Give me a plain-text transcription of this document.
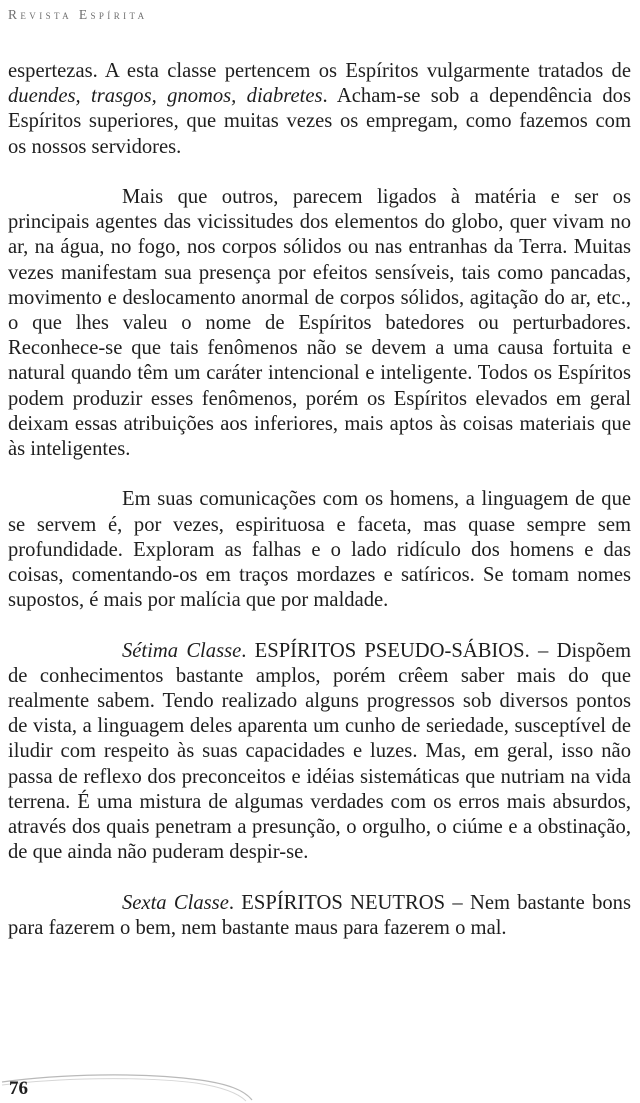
Revista Espírita

espertezas. A esta classe pertencem os Espíritos vulgarmente tratados de duendes, trasgos, gnomos, diabretes. Acham-se sob a dependência dos Espíritos superiores, que muitas vezes os empregam, como fazemos com os nossos servidores.

Mais que outros, parecem ligados à matéria e ser os principais agentes das vicissitudes dos elementos do globo, quer vivam no ar, na água, no fogo, nos corpos sólidos ou nas entranhas da Terra. Muitas vezes manifestam sua presença por efeitos sensíveis, tais como pancadas, movimento e deslocamento anormal de corpos sólidos, agitação do ar, etc., o que lhes valeu o nome de Espíritos batedores ou perturbadores. Reconhece-se que tais fenômenos não se devem a uma causa fortuita e natural quando têm um caráter intencional e inteligente. Todos os Espíritos podem produzir esses fenômenos, porém os Espíritos elevados em geral deixam essas atribuições aos inferiores, mais aptos às coisas materiais que às inteligentes.

Em suas comunicações com os homens, a linguagem de que se servem é, por vezes, espirituosa e faceta, mas quase sempre sem profundidade. Exploram as falhas e o lado ridículo dos homens e das coisas, comentando-os em traços mordazes e satíricos. Se tomam nomes supostos, é mais por malícia que por maldade.

Sétima Classe. ESPÍRITOS PSEUDO-SÁBIOS. – Dispõem de conhecimentos bastante amplos, porém crêem saber mais do que realmente sabem. Tendo realizado alguns progressos sob diversos pontos de vista, a linguagem deles aparenta um cunho de seriedade, susceptível de iludir com respeito às suas capacidades e luzes. Mas, em geral, isso não passa de reflexo dos preconceitos e idéias sistemáticas que nutriam na vida terrena. É uma mistura de algumas verdades com os erros mais absurdos, através dos quais penetram a presunção, o orgulho, o ciúme e a obstinação, de que ainda não puderam despir-se.

Sexta Classe. ESPÍRITOS NEUTROS – Nem bastante bons para fazerem o bem, nem bastante maus para fazerem o mal.

76
